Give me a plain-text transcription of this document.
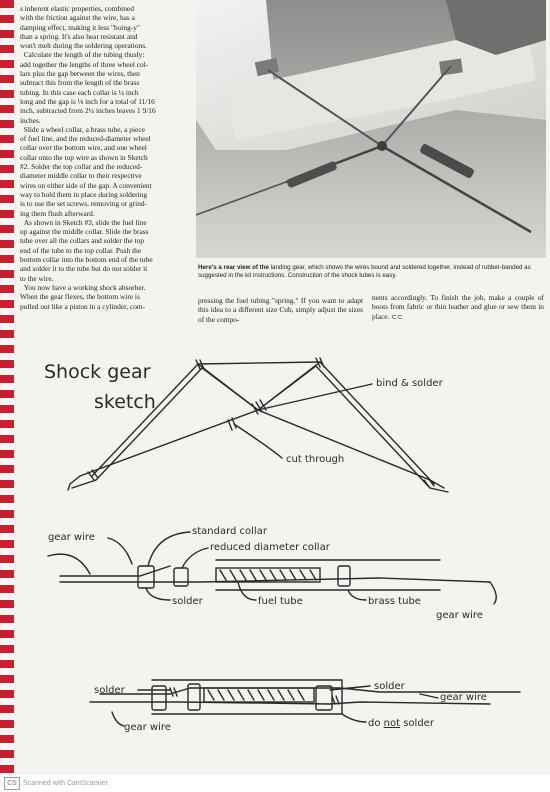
s inherent elastic properties, combined
with the friction against the wire, has a
damping effect, making it less "boing-y"
than a spring. It's also heat resistant and
won't melt during the soldering operations.
Calculate the length of the tubing thusly:
add together the lengths of three wheel col-
lars plus the gap between the wires, then
subtract this from the length of the brass
tubing. In this case each collar is ¼ inch
long and the gap is ⅛ inch for a total of 11/16
inch, subtracted from 2¼ inches leaves 1 9/16
inches.
Slide a wheel collar, a brass tube, a piece
of fuel line, and the reduced-diameter wheel
collar over the bottom wire, and one wheel
collar onto the top wire as shown in Sketch
#2. Solder the top collar and the reduced-
diameter middle collar to their respective
wires on either side of the gap. A convenient
way to hold them in place during soldering
is to use the set screws, removing or grind-
ing them flush afterward.
As shown in Sketch #3, slide the fuel line
up against the middle collar. Slide the brass
tube over all the collars and solder the top
end of the tube to the top collar. Push the
bottom collar into the bottom end of the tube
and solder it to the tube but do not solder it
to the wire.
You now have a working shock absorber.
When the gear flexes, the bottom wire is
pulled out like a piston in a cylinder, com-
Here's a rear view of the landing gear, which shows the wires bound and soldered together, instead of rubber-banded as suggested in the kit instructions. Construction of the shock tubes is easy.
pressing the fuel tubing "spring." If you want to adapt this idea to a different size Cub, simply adjust the sizes of the compo-
nents accordingly. To finish the job, make a couple of boots from fabric or thin leather and glue or sew them in place. ⊂⊂
Shock gear
sketch
bind & solder
cut through
gear wire
standard collar
reduced diameter collar
solder	fuel tube	brass tube
gear wire
solder	solder
gear wire
gear wire	do not solder
CS Scanned with CamScanner
